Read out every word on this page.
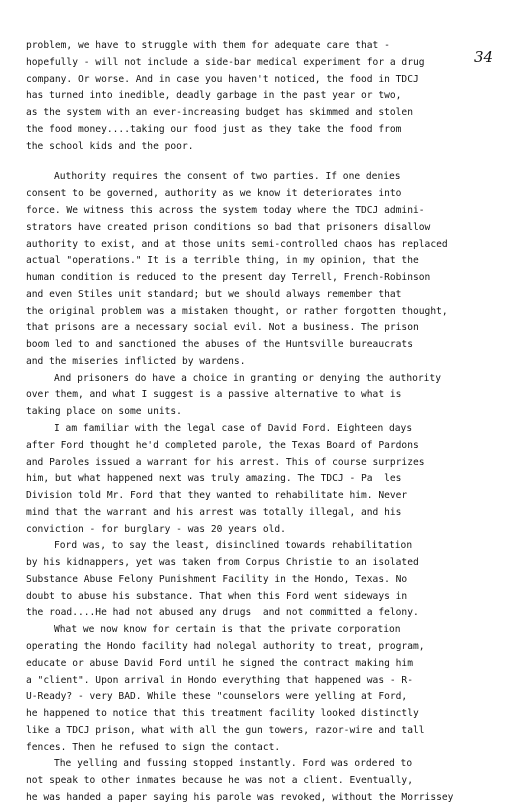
34
problem, we have to struggle with them for adequate care that -
hopefully - will not include a side-bar medical experiment for a drug
company. Or worse. And in case you haven't noticed, the food in TDCJ
has turned into inedible, deadly garbage in the past year or two,
as the system with an ever-increasing budget has skimmed and stolen
the food money....taking our food just as they take the food from
the school kids and the poor.
Authority requires the consent of two parties. If one denies
consent to be governed, authority as we know it deteriorates into
force. We witness this across the system today where the TDCJ admini-
strators have created prison conditions so bad that prisoners disallow
authority to exist, and at those units semi-controlled chaos has replaced
actual "operations." It is a terrible thing, in my opinion, that the
human condition is reduced to the present day Terrell, French-Robinson
and even Stiles unit standard; but we should always remember that
the original problem was a mistaken thought, or rather forgotten thought,
that prisons are a necessary social evil. Not a business. The prison
boom led to and sanctioned the abuses of the Huntsville bureaucrats
and the miseries inflicted by wardens.
And prisoners do have a choice in granting or denying the authority
over them, and what I suggest is a passive alternative to what is
taking place on some units.
I am familiar with the legal case of David Ford. Eighteen days
after Ford thought he'd completed parole, the Texas Board of Pardons
and Paroles issued a warrant for his arrest. This of course surprizes
him, but what happened next was truly amazing. The TDCJ - Pa  les
Division told Mr. Ford that they wanted to rehabilitate him. Never
mind that the warrant and his arrest was totally illegal, and his
conviction - for burglary - was 20 years old.
Ford was, to say the least, disinclined towards rehabilitation
by his kidnappers, yet was taken from Corpus Christie to an isolated
Substance Abuse Felony Punishment Facility in the Hondo, Texas. No
doubt to abuse his substance. That when this Ford went sideways in
the road....He had not abused any drugs  and not committed a felony.
What we now know for certain is that the private corporation
operating the Hondo facility had nolegal authority to treat, program,
educate or abuse David Ford until he signed the contract making him
a "client". Upon arrival in Hondo everything that happened was - R-
U-Ready? - very BAD. While these "counselors were yelling at Ford,
he happened to notice that this treatment facility looked distinctly
like a TDCJ prison, what with all the gun towers, razor-wire and tall
fences. Then he refused to sign the contact.
The yelling and fussing stopped instantly. Ford was ordered to
not speak to other inmates because he was not a client. Eventually,
he was handed a paper saying his parole was revoked, without the Morrissey
